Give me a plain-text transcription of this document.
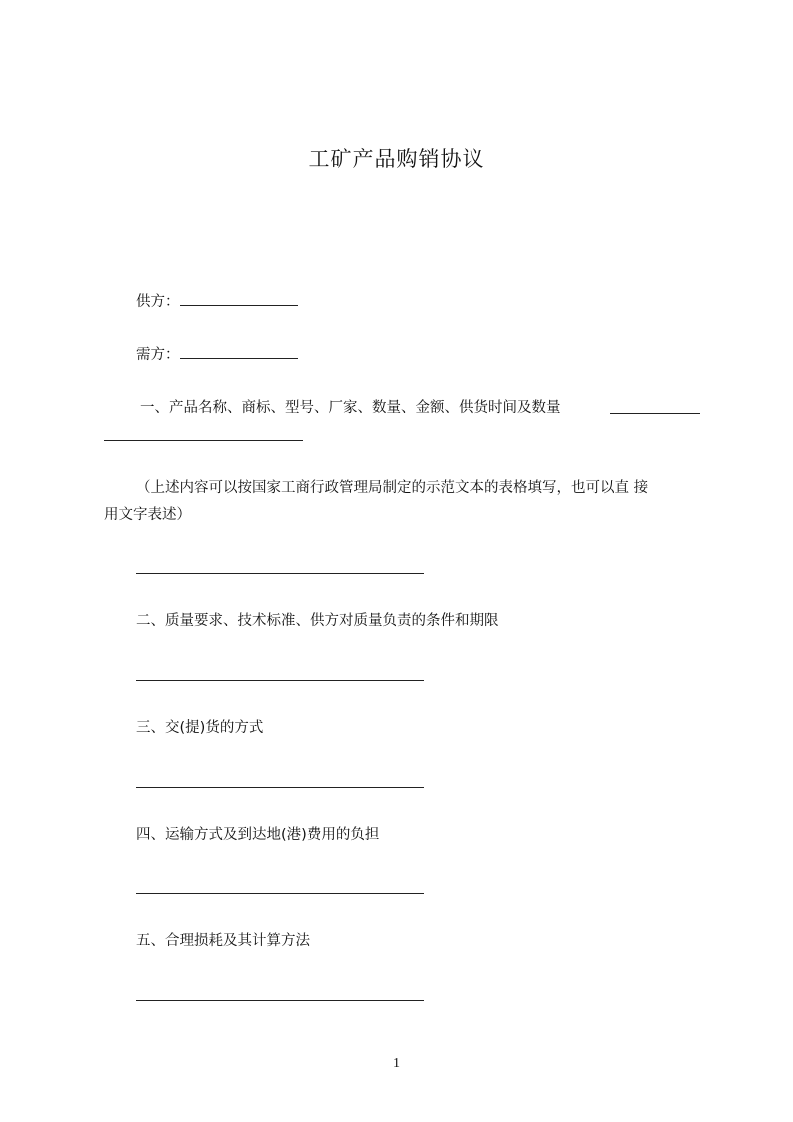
工矿产品购销协议
供方：
需方：
一、产品名称、商标、型号、厂家、数量、金额、供货时间及数量
（上述内容可以按国家工商行政管理局制定的示范文本的表格填写，也可以直 接
用文字表述）
二、质量要求、技术标准、供方对质量负责的条件和期限
三、交(提)货的方式
四、运输方式及到达地(港)费用的负担
五、合理损耗及其计算方法
1
